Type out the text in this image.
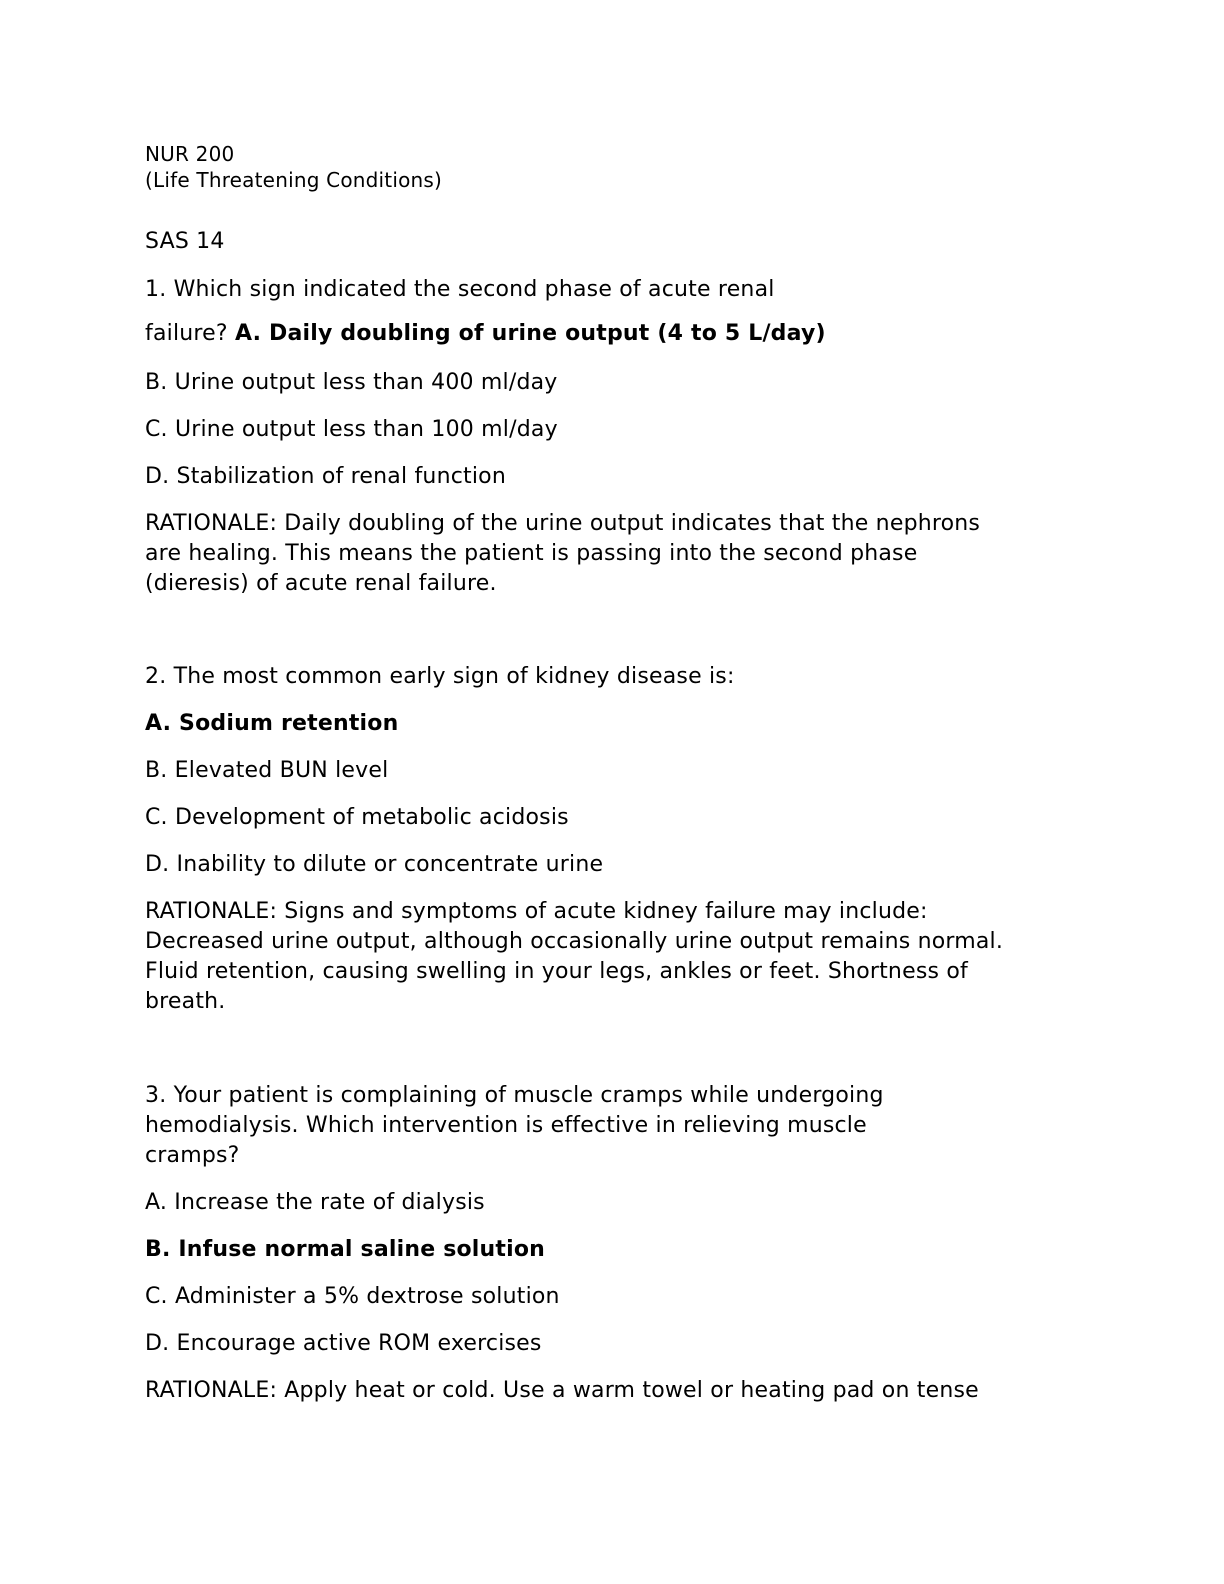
NUR 200
(Life Threatening Conditions)
SAS 14
1. Which sign indicated the second phase of acute renal
failure? A. Daily doubling of urine output (4 to 5 L/day)
B. Urine output less than 400 ml/day
C. Urine output less than 100 ml/day
D. Stabilization of renal function
RATIONALE: Daily doubling of the urine output indicates that the nephrons
are healing. This means the patient is passing into the second phase
(dieresis) of acute renal failure.
2. The most common early sign of kidney disease is:
A. Sodium retention
B. Elevated BUN level
C. Development of metabolic acidosis
D. Inability to dilute or concentrate urine
RATIONALE: Signs and symptoms of acute kidney failure may include:
Decreased urine output, although occasionally urine output remains normal.
Fluid retention, causing swelling in your legs, ankles or feet. Shortness of
breath.
3. Your patient is complaining of muscle cramps while undergoing
hemodialysis. Which intervention is effective in relieving muscle
cramps?
A. Increase the rate of dialysis
B. Infuse normal saline solution
C. Administer a 5% dextrose solution
D. Encourage active ROM exercises
RATIONALE: Apply heat or cold. Use a warm towel or heating pad on tense
